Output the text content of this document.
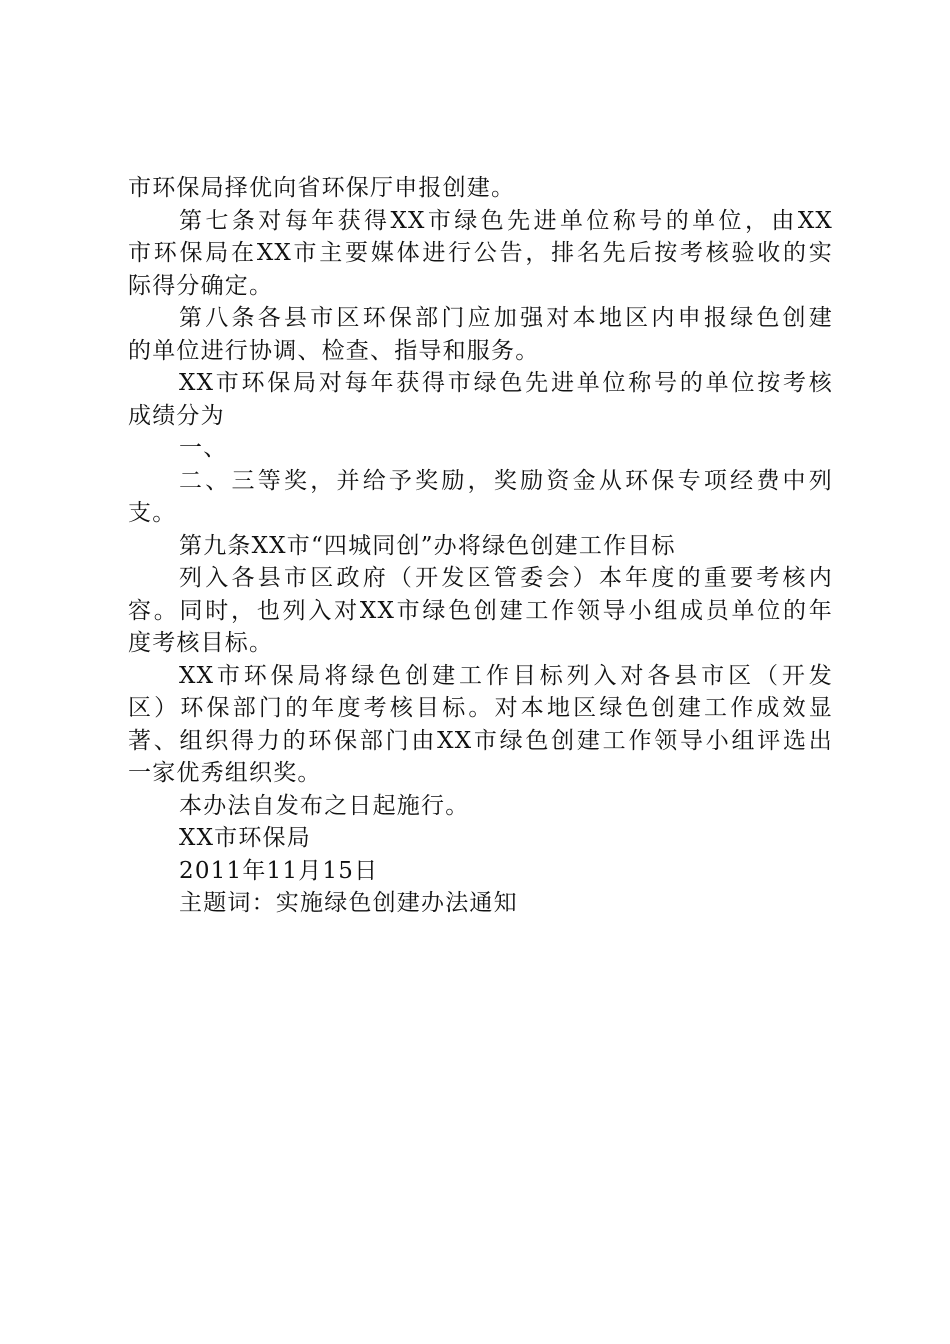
市环保局择优向省环保厅申报创建。
第七条对每年获得XX市绿色先进单位称号的单位，由XX
市环保局在XX市主要媒体进行公告，排名先后按考核验收的实
际得分确定。
第八条各县市区环保部门应加强对本地区内申报绿色创建
的单位进行协调、检查、指导和服务。
XX市环保局对每年获得市绿色先进单位称号的单位按考核
成绩分为
一、
二、三等奖，并给予奖励，奖励资金从环保专项经费中列
支。
第九条XX市“四城同创”办将绿色创建工作目标
列入各县市区政府（开发区管委会）本年度的重要考核内
容。同时，也列入对XX市绿色创建工作领导小组成员单位的年
度考核目标。
XX市环保局将绿色创建工作目标列入对各县市区（开发
区）环保部门的年度考核目标。对本地区绿色创建工作成效显
著、组织得力的环保部门由XX市绿色创建工作领导小组评选出
一家优秀组织奖。
本办法自发布之日起施行。
XX市环保局
2011年11月15日
主题词：实施绿色创建办法通知
